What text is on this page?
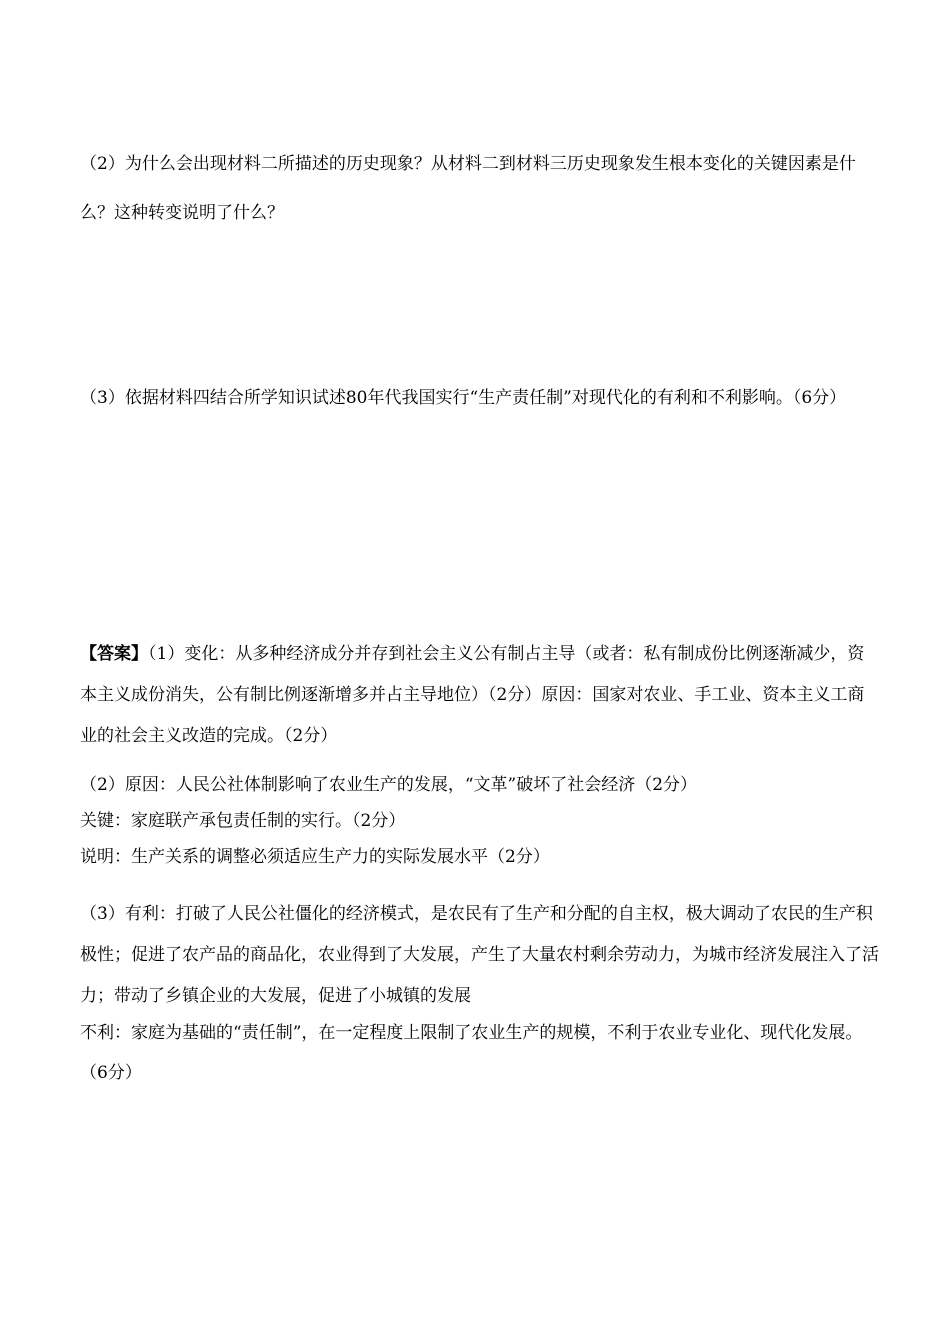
（2）为什么会出现材料二所描述的历史现象？从材料二到材料三历史现象发生根本变化的关键因素是什么？这种转变说明了什么？

（3）依据材料四结合所学知识试述80年代我国实行“生产责任制”对现代化的有利和不利影响。（6分）

【答案】（1）变化：从多种经济成分并存到社会主义公有制占主导（或者：私有制成份比例逐渐减少，资本主义成份消失，公有制比例逐渐增多并占主导地位）（2分）原因：国家对农业、手工业、资本主义工商业的社会主义改造的完成。（2分）

（2）原因：人民公社体制影响了农业生产的发展，“文革”破坏了社会经济（2分）
关键：家庭联产承包责任制的实行。（2分）
说明：生产关系的调整必须适应生产力的实际发展水平（2分）

（3）有利：打破了人民公社僵化的经济模式，是农民有了生产和分配的自主权，极大调动了农民的生产积极性；促进了农产品的商品化，农业得到了大发展，产生了大量农村剩余劳动力，为城市经济发展注入了活力；带动了乡镇企业的大发展，促进了小城镇的发展

不利：家庭为基础的“责任制”，在一定程度上限制了农业生产的规模，不利于农业专业化、现代化发展。（6分）
